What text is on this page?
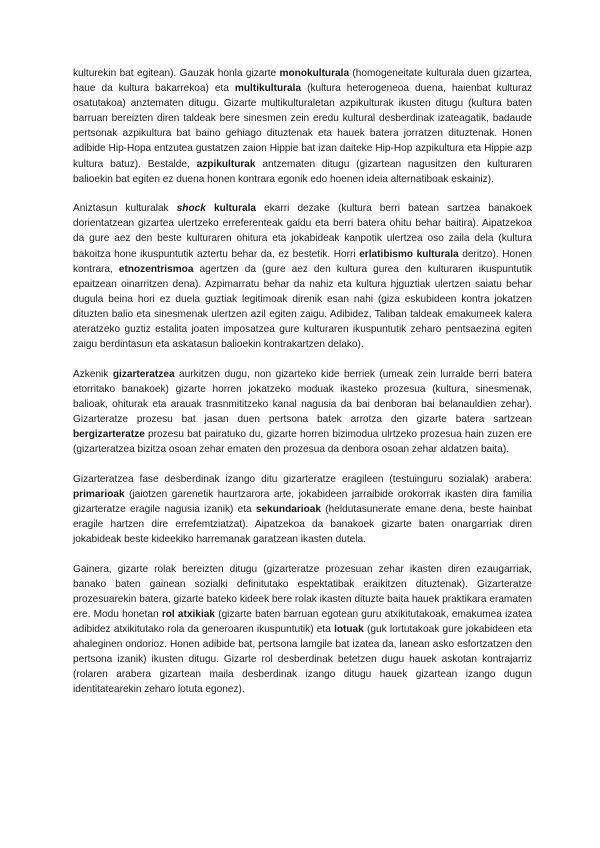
kulturekin bat egitean). Gauzak honla gizarte monokulturala (homogeneitate kulturala duen gizartea, haue da kultura bakarrekoa) eta multikulturala (kultura heterogeneoa duena, haienbat kulturaz osatutakoa) anztematen ditugu. Gizarte multikulturaletan azpikulturak ikusten ditugu (kultura baten barruan bereizten diren taldeak bere sinesmen zein eredu kultural desberdinak izateagatik, badaude pertsonak azpikultura bat baino gehiago dituztenak eta hauek batera jorratzen dituztenak. Honen adibide Hip-Hopa entzutea gustatzen zaion Hippie bat izan daiteke Hip-Hop azpikultura eta Hippie azp kultura batuz). Bestalde, azpikulturak antzematen ditugu (gizartean nagusitzen den kulturaren balioekin bat egiten ez duena honen kontrara egonik edo hoenen ideia alternatiboak eskainiz).

Aniztasun kulturalak shock kulturala ekarri dezake (kultura berri batean sartzea banakoek dorientatzean gizartea ulertzeko erreferenteak galdu eta berri batera ohitu behar baitira). Aipatzekoa da gure aez den beste kulturaren ohitura eta jokabideak kanpotik ulertzea oso zaila dela (kultura bakoitza hone ikuspuntutik aztertu behar da, ez bestetik. Horri erlatibismo kulturala deritzo). Honen kontrara, etnozentrismoa agertzen da (gure aez den kultura gurea den kulturaren ikuspuntutik epaitzean oinarritzen dena). Azpimarratu behar da nahiz eta kultura hjguztiak ulertzen saiatu behar dugula beina hori ez duela guztiak legitimoak direnik esan nahi (giza eskubideen kontra jokatzen dituzten balio eta sinesmenak ulertzen azil egiten zaigu. Adibidez, Taliban taldeak emakumeek kalera ateratzeko guztiz estalita joaten imposatzea gure kulturaren ikuspuntutik zeharo pentsaezina egiten zaigu berdintasun eta askatasun balioekin kontrakartzen delako).

Azkenik gizarteratzea aurkitzen dugu, non gizarteko kide berriek (umeak zein lurralde berri batera etorritako banakoek) gizarte horren jokatzeko moduak ikasteko prozesua (kultura, sinesmenak, balioak, ohiturak eta arauak trasnmititzeko kanal nagusia da bai denboran bai belanauldien zehar). Gizarteratze prozesu bat jasan duen pertsona batek arrotza den gizarte batera sartzean bergizarteratze prozesu bat pairatuko du, gizarte horren bizimodua ulrtzeko prozesua hain zuzen ere (gizarteratzea bizitza osoan zehar ematen den prozesua da denbora osoan zehar aldatzen baita).

Gizarteratzea fase desberdinak izango ditu gizarteratze eragileen (testuinguru sozialak) arabera: primarioak (jaiotzen garenetik haurtzarora arte, jokabideen jarraibide orokorrak ikasten dira familia gizarteratze eragile nagusia izanik) eta sekundarioak (heldutasunerate emane dena, beste hainbat eragile hartzen dire errefemtziatzat). Aipatzekoa da banakoek gizarte baten onargarriak diren jokabideak beste kideekiko harremanak garatzean ikasten dutela.

Gainera, gizarte rolak bereizten ditugu (gizarteratze prozesuan zehar ikasten diren ezaugarriak, banako baten gainean sozialki definitutako espektatibak eraikitzen dituztenak). Gizarteratze prozesuarekin batera, gizarte bateko kideek bere rolak ikasten dituzte baita hauek praktikara eramaten ere. Modu honetan rol atxikiak (gizarte baten barruan egotean guru atxikitutakoak, emakumea izatea adibidez atxikitutako rola da generoaren ikuspuntutik) eta lotuak (guk lortutakoak gure jokabideen eta ahaleginen ondorioz. Honen adibide bat, pertsona lamgile bat izatea da, lanean asko esfortzatzen den pertsona izanik) ikusten ditugu. Gizarte rol desberdinak betetzen dugu hauek askotan kontrajarriz (rolaren arabera gizartean maila desberdinak izango ditugu hauek gizartean izango dugun identitatearekin zeharo lotuta egonez).
